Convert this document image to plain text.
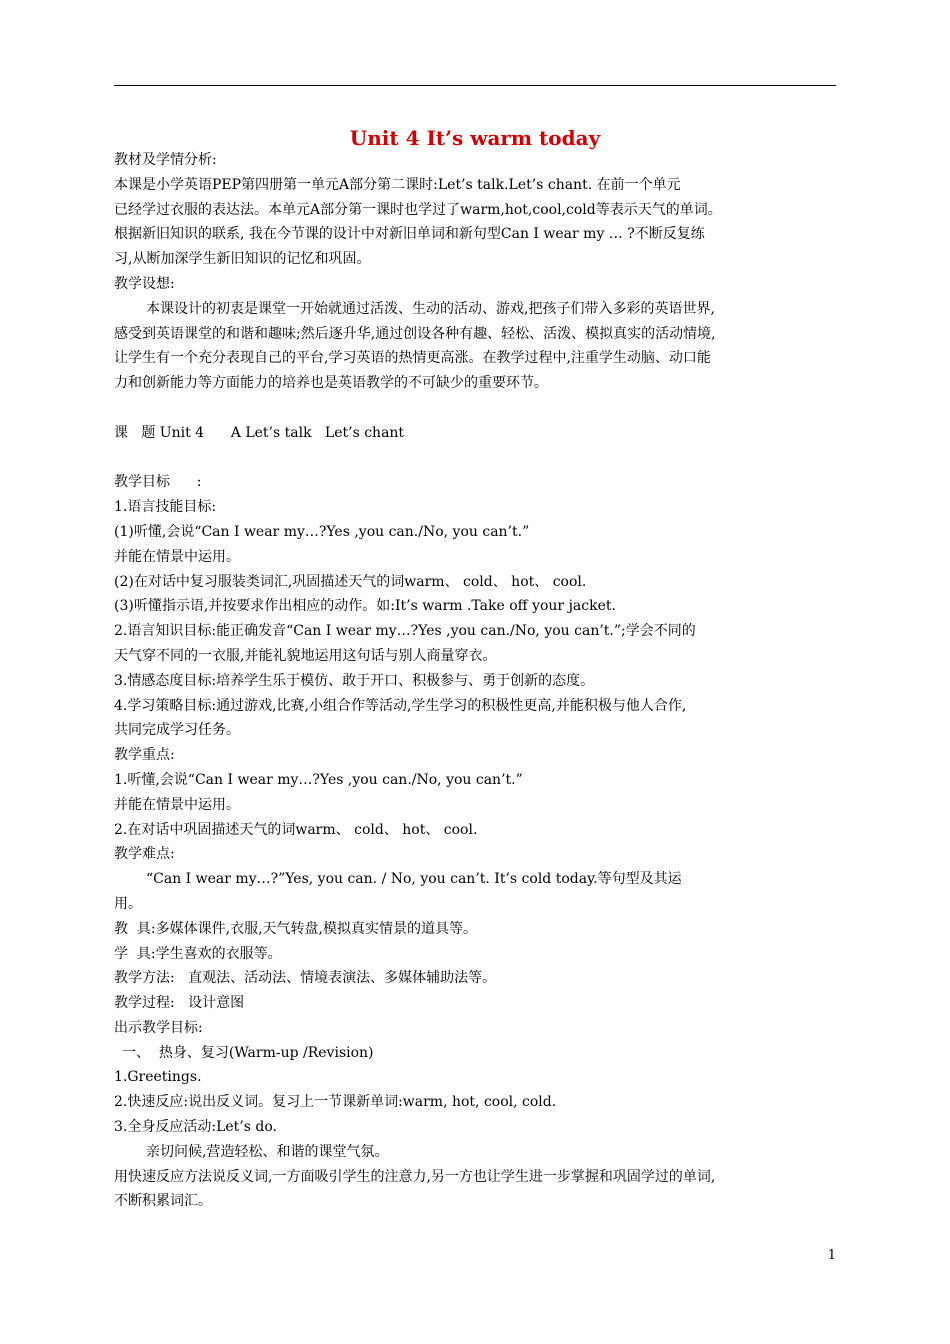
Unit 4 It’s warm today

教材及学情分析:

本课是小学英语PEP第四册第一单元A部分第二课时:Let’s talk.Let’s chant. 在前一个单元

已经学过衣服的表达法。本单元A部分第一课时也学过了warm,hot,cool,cold等表示天气的单词。

根据新旧知识的联系, 我在今节课的设计中对新旧单词和新句型Can I wear my … ?不断反复练

习,从断加深学生新旧知识的记忆和巩固。

教学设想:

本课设计的初衷是课堂一开始就通过活泼、生动的活动、游戏,把孩子们带入多彩的英语世界,

感受到英语课堂的和谐和趣味;然后逐升华,通过创设各种有趣、轻松、活泼、模拟真实的活动情境,

让学生有一个充分表现自己的平台,学习英语的热情更高涨。在教学过程中,注重学生动脑、动口能

力和创新能力等方面能力的培养也是英语教学的不可缺少的重要环节。

课   题 Unit 4      A Let’s talk   Let’s chant

教学目标      :

1.语言技能目标:

(1)听懂,会说“Can I wear my…?Yes ,you can./No, you can’t.”

并能在情景中运用。

(2)在对话中复习服装类词汇,巩固描述天气的词warm、 cold、 hot、 cool.

(3)听懂指示语,并按要求作出相应的动作。如:It’s warm .Take off your jacket.

2.语言知识目标:能正确发音“Can I wear my…?Yes ,you can./No, you can’t.”;学会不同的

天气穿不同的一衣服,并能礼貌地运用这句话与别人商量穿衣。

3.情感态度目标:培养学生乐于模仿、敢于开口、积极参与、勇于创新的态度。

4.学习策略目标:通过游戏,比赛,小组合作等活动,学生学习的积极性更高,并能积极与他人合作,

共同完成学习任务。

教学重点:

1.听懂,会说“Can I wear my…?Yes ,you can./No, you can’t.”

并能在情景中运用。

2.在对话中巩固描述天气的词warm、 cold、 hot、 cool.

教学难点:

“Can I wear my…?”Yes, you can. / No, you can’t. It’s cold today.等句型及其运

用。

教  具:多媒体课件,衣服,天气转盘,模拟真实情景的道具等。

学  具:学生喜欢的衣服等。

教学方法:   直观法、活动法、情境表演法、多媒体辅助法等。

教学过程:   设计意图

出示教学目标:

一、  热身、复习(Warm-up /Revision)

1.Greetings.

2.快速反应:说出反义词。复习上一节课新单词:warm, hot, cool, cold.

3.全身反应活动:Let’s do.

亲切问候,营造轻松、和谐的课堂气氛。

用快速反应方法说反义词,一方面吸引学生的注意力,另一方也让学生进一步掌握和巩固学过的单词,

不断积累词汇。

1
